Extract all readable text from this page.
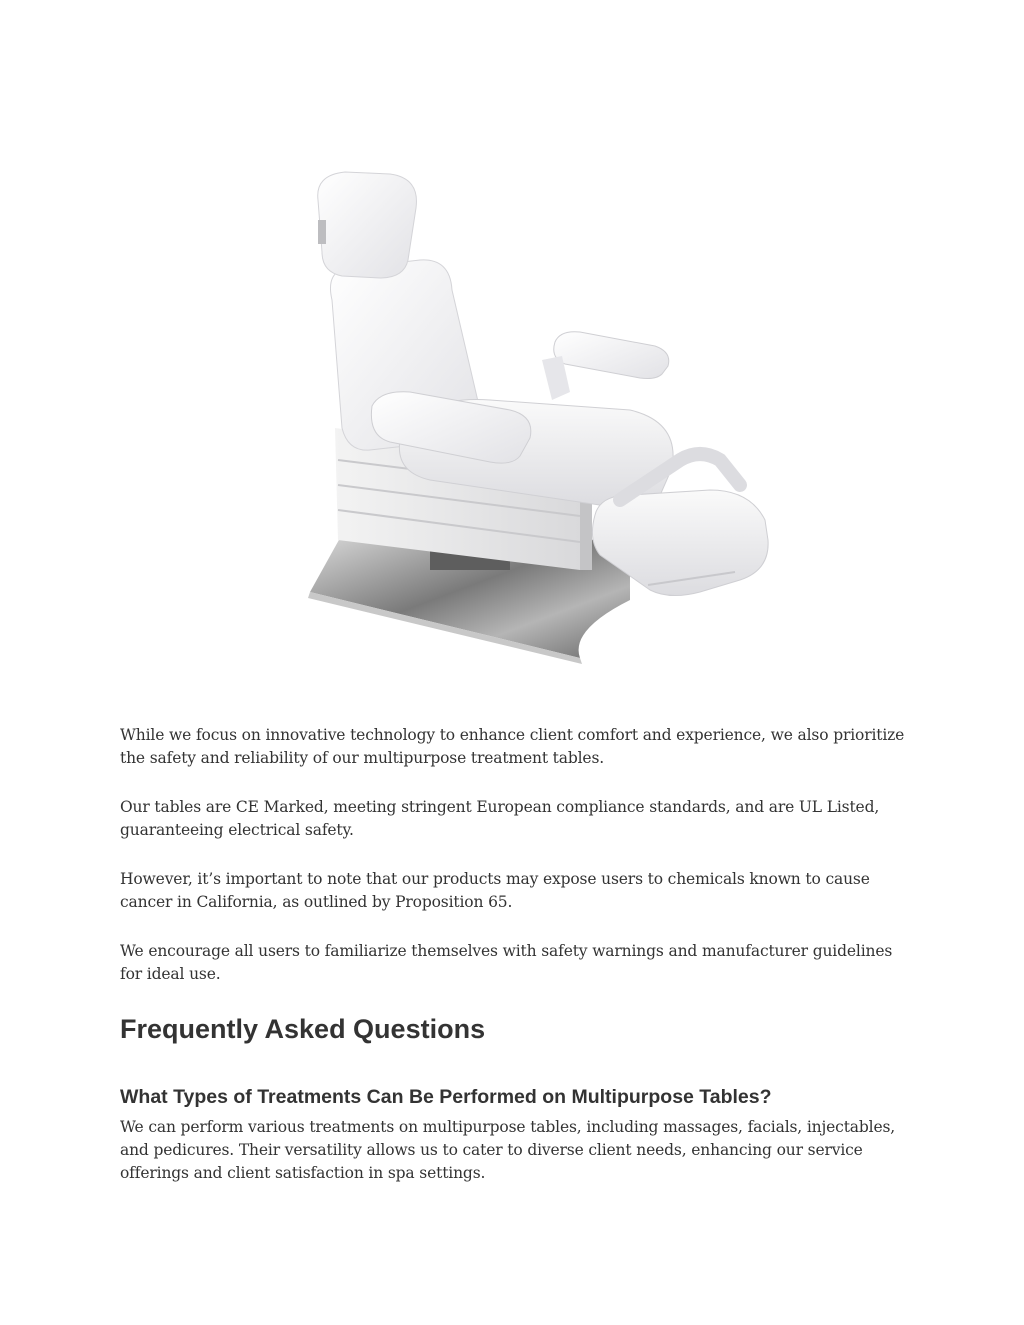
While we focus on innovative technology to enhance client comfort and experience, we also prioritize the safety and reliability of our multipurpose treatment tables.

Our tables are CE Marked, meeting stringent European compliance standards, and are UL Listed, guaranteeing electrical safety.

However, it’s important to note that our products may expose users to chemicals known to cause cancer in California, as outlined by Proposition 65.

We encourage all users to familiarize themselves with safety warnings and manufacturer guidelines for ideal use.

Frequently Asked Questions
What Types of Treatments Can Be Performed on Multipurpose Tables?

We can perform various treatments on multipurpose tables, including massages, facials, injectables, and pedicures. Their versatility allows us to cater to diverse client needs, enhancing our service offerings and client satisfaction in spa settings.
